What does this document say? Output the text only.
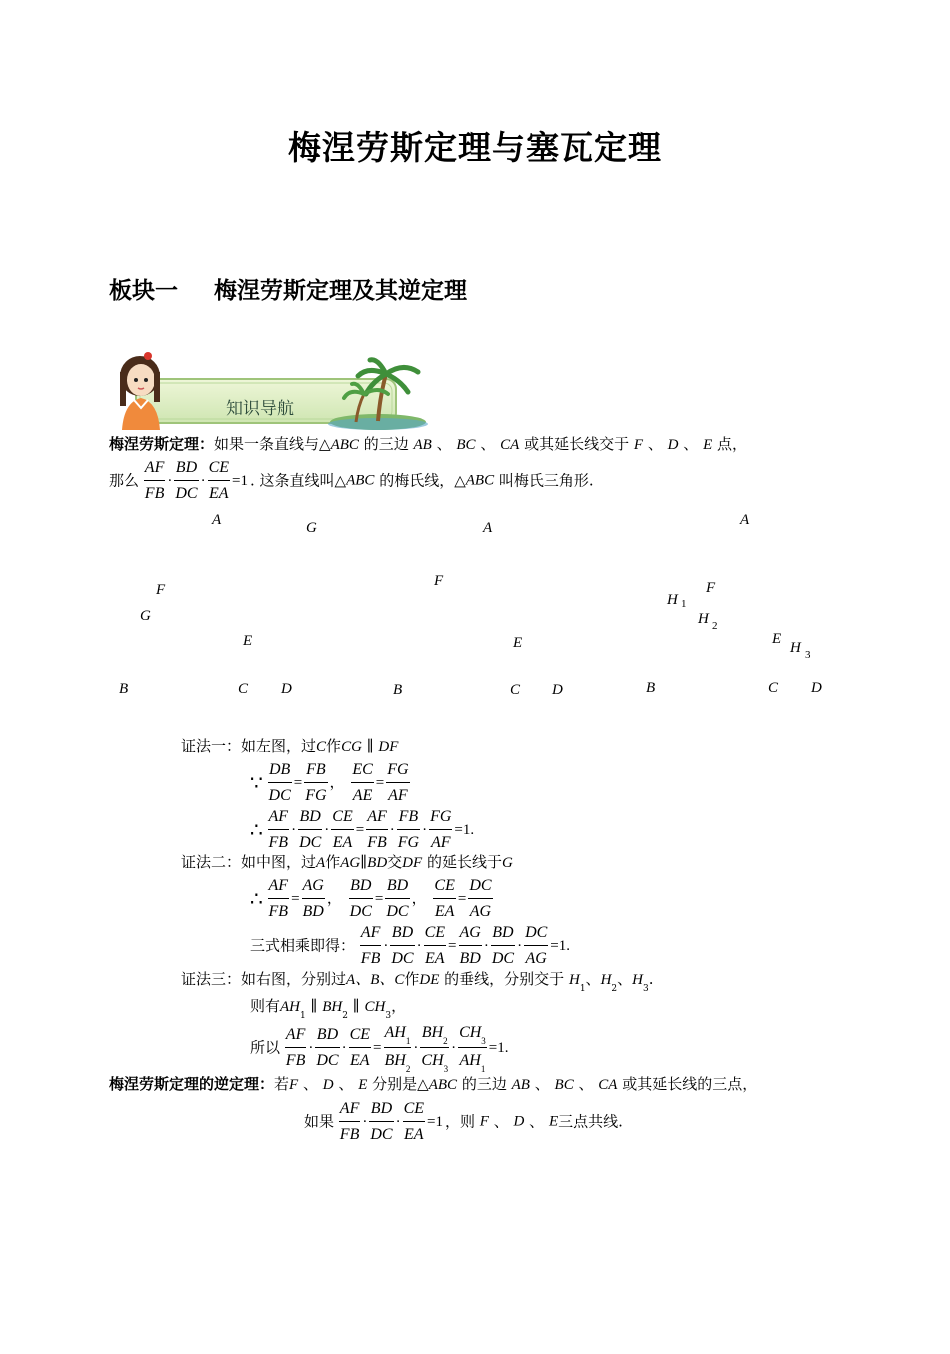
梅涅劳斯定理与塞瓦定理
板块一 梅涅劳斯定理及其逆定理
知识导航
梅涅劳斯定理：如果一条直线与△ABC 的三边 AB 、 BC 、 CA 或其延长线交于 F 、 D 、 E 点，
那么 $\frac{AF}{FB} \cdot \frac{BD}{DC} \cdot \frac{CE}{EA} =1$ . 这条直线叫△ABC 的梅氏线，△ABC 叫梅氏三角形.
A	G
F
G
E
B	C D
A
F
E
B	C D
A
F
H 1
H 2
E
H 3
B	C D
证法一：如左图，过C作CG ∥ DF
∵ $\frac{DB}{DC} = \frac{FB}{FG}$ ， $\frac{EC}{AE} = \frac{FG}{AF}$
∴ $\frac{AF}{FB} \cdot \frac{BD}{DC} \cdot \frac{CE}{EA} = \frac{AF}{FB} \cdot \frac{FB}{FG} \cdot \frac{FG}{AF} =1$.
证法二：如中图，过A作AG∥BD交DF 的延长线于G
∴ $\frac{AF}{FB} = \frac{AG}{BD}$ ， $\frac{BD}{DC} = \frac{BD}{DC}$ ， $\frac{CE}{EA} = \frac{DC}{AG}$
三式相乘即得： $\frac{AF}{FB} \cdot \frac{BD}{DC} \cdot \frac{CE}{EA} = \frac{AG}{BD} \cdot \frac{BD}{DC} \cdot \frac{DC}{AG} =1$.
证法三：如右图，分别过A、B、C作DE 的垂线，分别交于 $H_1$、$H_2$、$H_3$.
则有$AH_1$ ∥ $BH_2$ ∥ $CH_3$，
所以 $\frac{AF}{FB} \cdot \frac{BD}{DC} \cdot \frac{CE}{EA} = \frac{AH_1}{BH_2} \cdot \frac{BH_2}{CH_3} \cdot \frac{CH_3}{AH_1} =1$.
梅涅劳斯定理的逆定理：若F 、 D 、 E 分别是△ABC 的三边 AB 、 BC 、 CA 或其延长线的三点，
如果 $\frac{AF}{FB} \cdot \frac{BD}{DC} \cdot \frac{CE}{EA} =1$ ，则 F 、 D 、 E三点共线.
